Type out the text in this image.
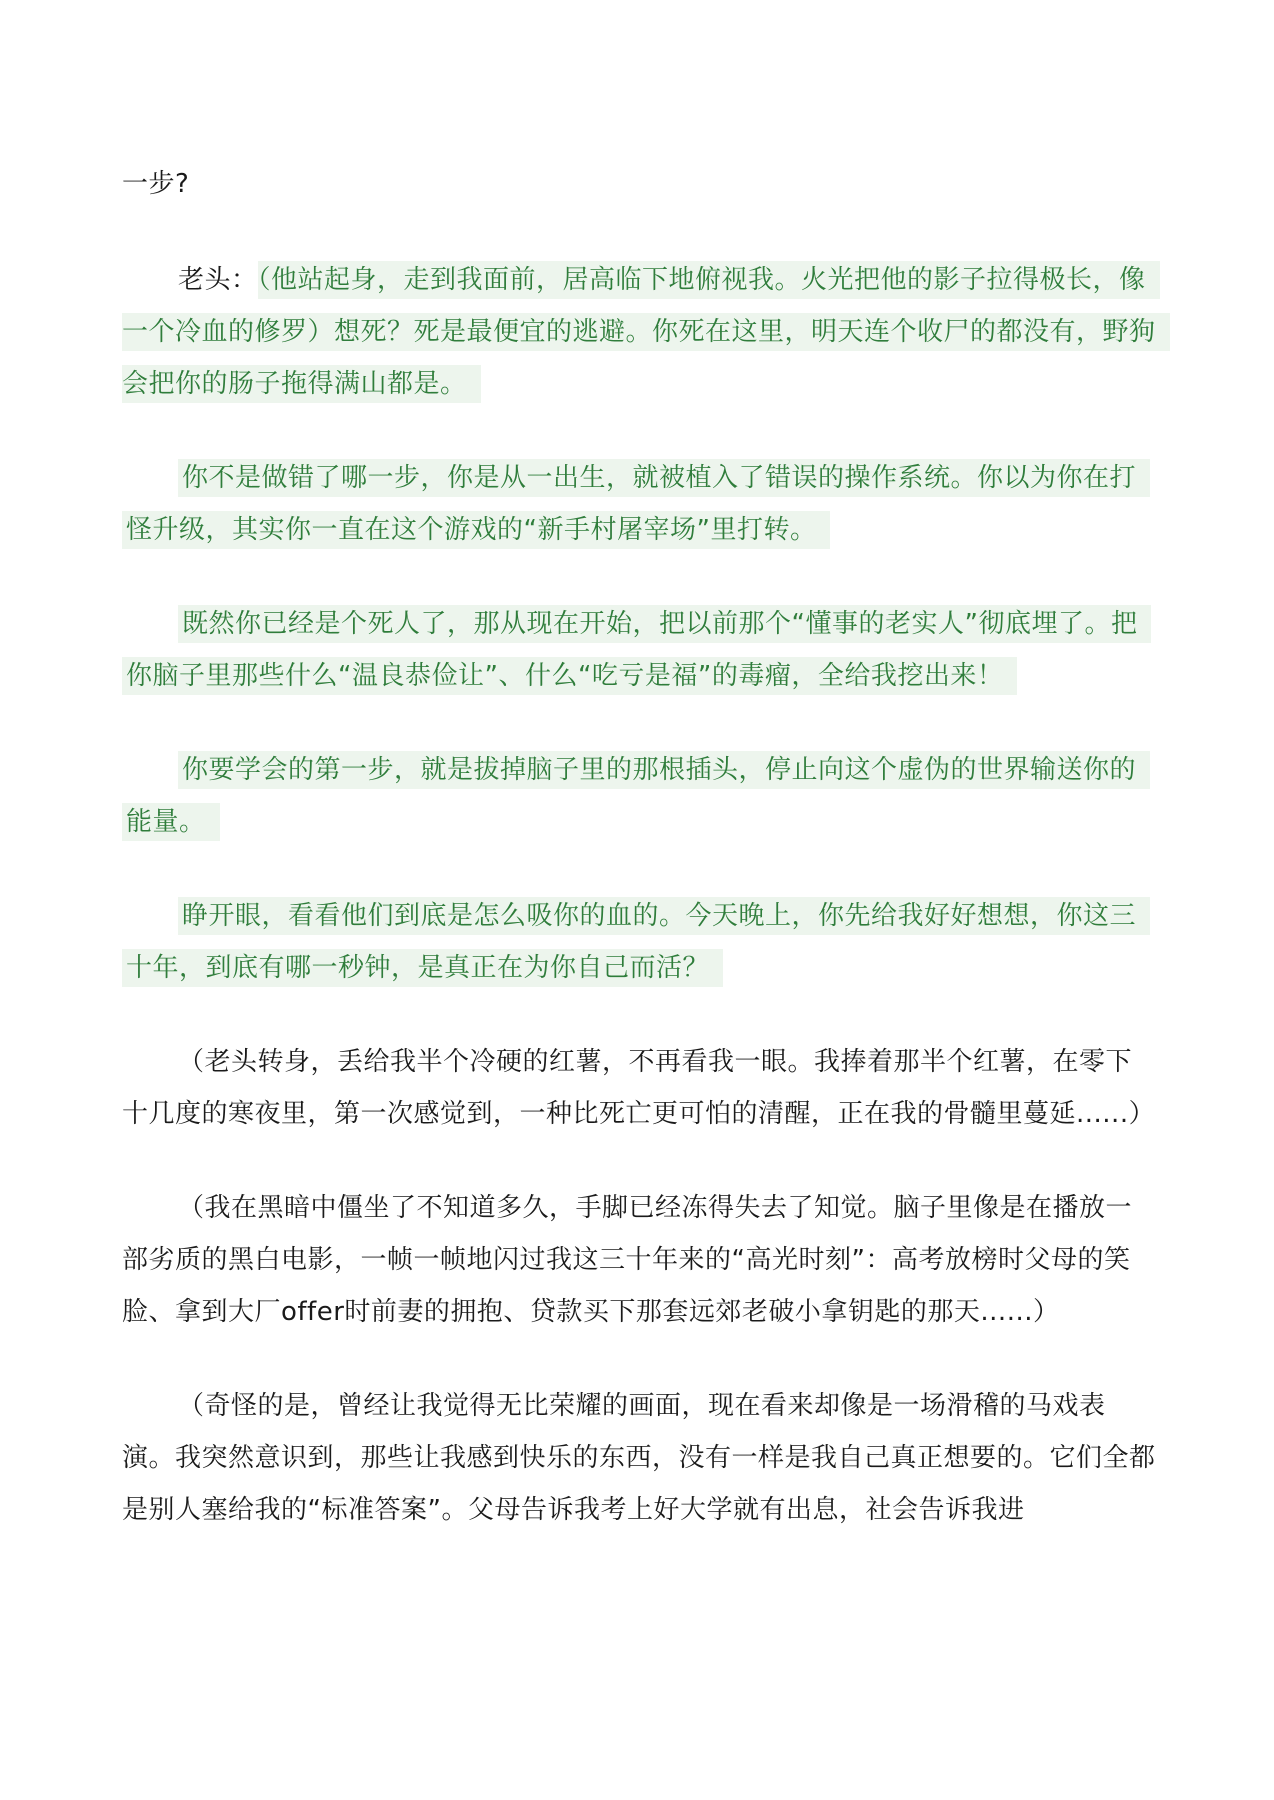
一步?

老头：（他站起身，走到我面前，居高临下地俯视我。火光把他的影子拉得极长，像一个冷血的修罗）想死？死是最便宜的逃避。你死在这里，明天连个收尸的都没有，野狗会把你的肠子拖得满山都是。

你不是做错了哪一步，你是从一出生，就被植入了错误的操作系统。你以为你在打怪升级，其实你一直在这个游戏的“新手村屠宰场”里打转。

既然你已经是个死人了，那从现在开始，把以前那个“懂事的老实人”彻底埋了。把你脑子里那些什么“温良恭俭让”、什么“吃亏是福”的毒瘤，全给我挖出来！

你要学会的第一步，就是拔掉脑子里的那根插头，停止向这个虚伪的世界输送你的能量。

睁开眼，看看他们到底是怎么吸你的血的。今天晚上，你先给我好好想想，你这三十年，到底有哪一秒钟，是真正在为你自己而活？

（老头转身，丢给我半个冷硬的红薯，不再看我一眼。我捧着那半个红薯，在零下十几度的寒夜里，第一次感觉到，一种比死亡更可怕的清醒，正在我的骨髓里蔓延......）

（我在黑暗中僵坐了不知道多久，手脚已经冻得失去了知觉。脑子里像是在播放一部劣质的黑白电影，一帧一帧地闪过我这三十年来的“高光时刻”：高考放榜时父母的笑脸、拿到大厂offer时前妻的拥抱、贷款买下那套远郊老破小拿钥匙的那天......）

（奇怪的是，曾经让我觉得无比荣耀的画面，现在看来却像是一场滑稽的马戏表演。我突然意识到，那些让我感到快乐的东西，没有一样是我自己真正想要的。它们全都是别人塞给我的“标准答案”。父母告诉我考上好大学就有出息，社会告诉我进
